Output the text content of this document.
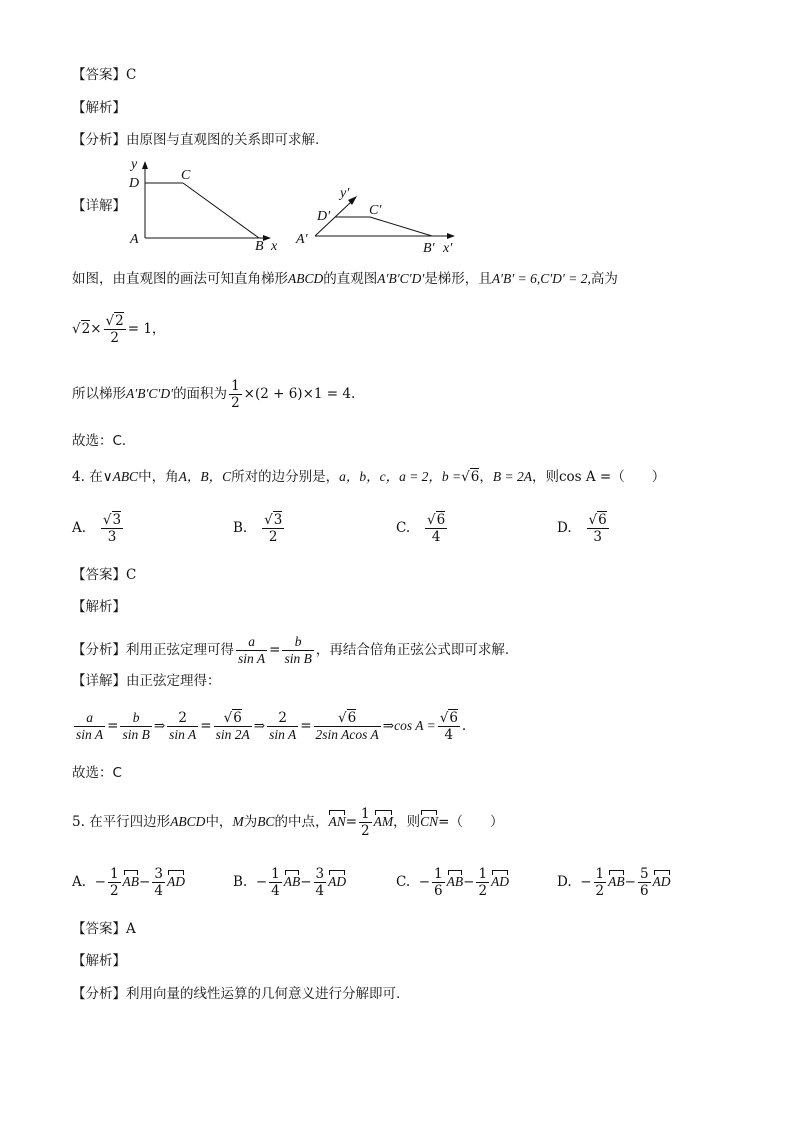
【答案】C
【解析】
【分析】由原图与直观图的关系即可求解.
【详解】
y
D
C
A	B x
y′
D′	C′
A′
B′ x′
如图，由直观图的画法可知直角梯形ABCD的直观图A′B′C′D′是梯形，且A′B′ = 6,C′D′ = 2,高为
$√2\times \frac{√2}{2} = 1$，
所以梯形A′B′C′D′的面积为 $\frac{1}{2} \times(2 + 6)\times 1 = 4$.
故选：C.
4. 在∨ABC中，角A，B，C所对的边分别是，a，b，c，a = 2，b =√6，B = 2A，则cos A =（　　）
A. $\frac{√3}{3}$	B. $\frac{√3}{2}$	C. $\frac{√6}{4}$	D. $\frac{√6}{3}$
【答案】C
【解析】
【分析】利用正弦定理可得 $\frac{a}{\text{sin A}} = \frac{b}{\text{sin B}}$ ，再结合倍角正弦公式即可求解.
【详解】由正弦定理得：
$\frac{a}{\text{sin A}} = \frac{b}{\text{sin B}}$ ⇒ $\frac{2}{\text{sin A}} = \frac{√6}{\sin 2A}$ ⇒ $\frac{2}{\text{sin A}} = \frac{√6}{\text{2sin Acos A}}$ ⇒cos $A = \frac{√6}{4}$ .
故选：C
5. 在平行四边形ABCD中，M为BC的中点，$AN= \frac{1}{2}$ AM，则CN=（　　）
A. − $\frac{1}{2} AB- \frac{3}{4}$ AD	B. − $\frac{1}{4} AB- \frac{3}{4}$ AD	C. − $\frac{1}{6} AB- \frac{1}{2}$ AD	D. − $\frac{1}{2} AB- \frac{5}{6}$ AD
【答案】A
【解析】
【分析】利用向量的线性运算的几何意义进行分解即可.
